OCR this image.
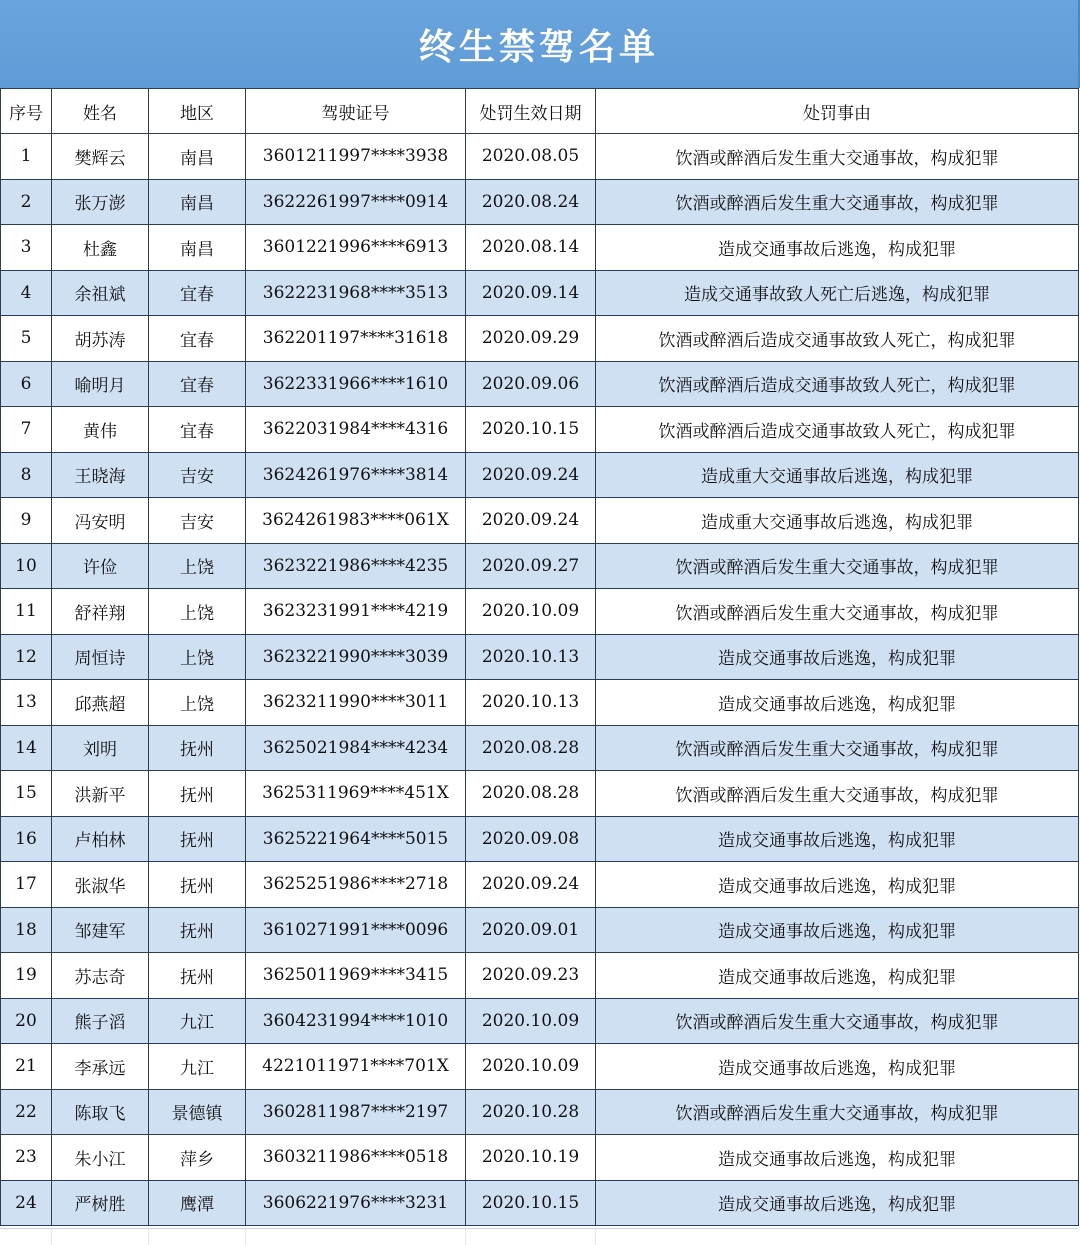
终生禁驾名单
序号	姓名	地区	驾驶证号	处罚生效日期	处罚事由
1	樊辉云	南昌	3601211997****3938	2020.08.05	饮酒或醉酒后发生重大交通事故，构成犯罪
2	张万澎	南昌	3622261997****0914	2020.08.24	饮酒或醉酒后发生重大交通事故，构成犯罪
3	杜鑫	南昌	3601221996****6913	2020.08.14	造成交通事故后逃逸，构成犯罪
4	余祖斌	宜春	3622231968****3513	2020.09.14	造成交通事故致人死亡后逃逸，构成犯罪
5	胡苏涛	宜春	362201197****31618	2020.09.29	饮酒或醉酒后造成交通事故致人死亡，构成犯罪
6	喻明月	宜春	3622331966****1610	2020.09.06	饮酒或醉酒后造成交通事故致人死亡，构成犯罪
7	黄伟	宜春	3622031984****4316	2020.10.15	饮酒或醉酒后造成交通事故致人死亡，构成犯罪
8	王晓海	吉安	3624261976****3814	2020.09.24	造成重大交通事故后逃逸，构成犯罪
9	冯安明	吉安	3624261983****061X	2020.09.24	造成重大交通事故后逃逸，构成犯罪
10	许俭	上饶	3623221986****4235	2020.09.27	饮酒或醉酒后发生重大交通事故，构成犯罪
11	舒祥翔	上饶	3623231991****4219	2020.10.09	饮酒或醉酒后发生重大交通事故，构成犯罪
12	周恒诗	上饶	3623221990****3039	2020.10.13	造成交通事故后逃逸，构成犯罪
13	邱燕超	上饶	3623211990****3011	2020.10.13	造成交通事故后逃逸，构成犯罪
14	刘明	抚州	3625021984****4234	2020.08.28	饮酒或醉酒后发生重大交通事故，构成犯罪
15	洪新平	抚州	3625311969****451X	2020.08.28	饮酒或醉酒后发生重大交通事故，构成犯罪
16	卢柏林	抚州	3625221964****5015	2020.09.08	造成交通事故后逃逸，构成犯罪
17	张淑华	抚州	3625251986****2718	2020.09.24	造成交通事故后逃逸，构成犯罪
18	邹建军	抚州	3610271991****0096	2020.09.01	造成交通事故后逃逸，构成犯罪
19	苏志奇	抚州	3625011969****3415	2020.09.23	造成交通事故后逃逸，构成犯罪
20	熊子滔	九江	3604231994****1010	2020.10.09	饮酒或醉酒后发生重大交通事故，构成犯罪
21	李承远	九江	4221011971****701X	2020.10.09	造成交通事故后逃逸，构成犯罪
22	陈取飞	景德镇	3602811987****2197	2020.10.28	饮酒或醉酒后发生重大交通事故，构成犯罪
23	朱小江	萍乡	3603211986****0518	2020.10.19	造成交通事故后逃逸，构成犯罪
24	严树胜	鹰潭	3606221976****3231	2020.10.15	造成交通事故后逃逸，构成犯罪
